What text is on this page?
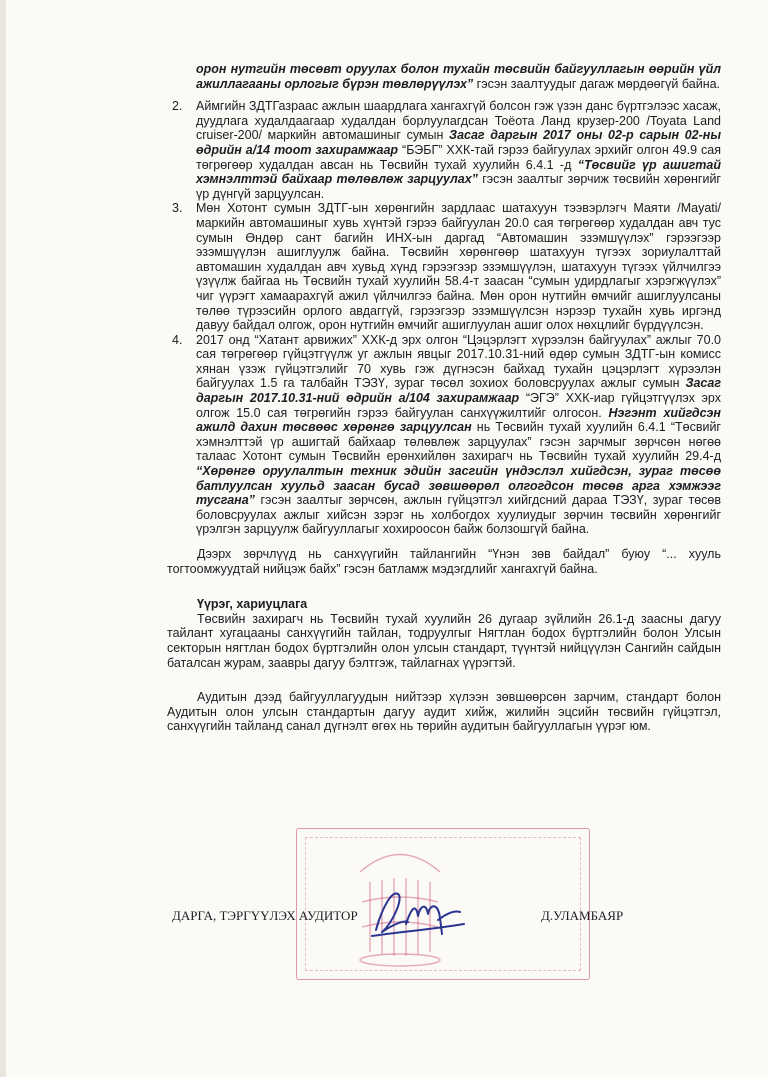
орон нутгийн төсөвт оруулах болон тухайн төсвийн байгууллагын өөрийн үйл ажиллагааны орлогыг бүрэн төвлөрүүлэх” гэсэн заалтуудыг дагаж мөрдөөгүй байна.

2. Аймгийн ЗДТГазраас ажлын шаардлага хангахгүй болсон гэж үзэн данс бүртгэлээс хасаж, дуудлага худалдаагаар худалдан борлуулагдсан Тоёота Ланд крузер-200 /Toyata Land cruiser-200/ маркийн автомашиныг сумын Засаг даргын 2017 оны 02-р сарын 02-ны өдрийн а/14 тоот захирамжаар “БЭБГ” ХХК-тай гэрээ байгуулах эрхийг олгон 49.9 сая төгрөгөөр худалдан авсан нь Төсвийн тухай хуулийн 6.4.1 -д “Төсвийг үр ашигтай хэмнэлттэй байхаар төлөвлөж зарцуулах” гэсэн заалтыг зөрчиж төсвийн хөрөнгийг үр дүнгүй зарцуулсан.
3. Мөн Хотонт сумын ЗДТГ-ын хөрөнгийн зардлаас шатахуун тээвэрлэгч Маяти /Mayati/ маркийн автомашиныг хувь хүнтэй гэрээ байгуулан 20.0 сая төгрөгөөр худалдан авч тус сумын Өндөр сант багийн ИНХ-ын даргад “Автомашин эзэмшүүлэх” гэрээгээр эзэмшүүлэн ашиглуулж байна. Төсвийн хөрөнгөөр шатахуун түгээх зориулалттай автомашин худалдан авч хувьд хүнд гэрээгээр эзэмшүүлэн, шатахуун түгээх үйлчилгээ үзүүлж байгаа нь Төсвийн тухай хуулийн 58.4-т заасан “сумын удирдлагыг хэрэгжүүлэх” чиг үүрэгт хамаарахгүй ажил үйлчилгээ байна. Мөн орон нутгийн өмчийг ашиглуулсаны төлөө түрээсийн орлого авдаггүй, гэрээгээр эзэмшүүлсэн нэрээр тухайн хувь иргэнд давуу байдал олгож, орон нутгийн өмчийг ашиглуулан ашиг олох нөхцлийг бүрдүүлсэн.
4. 2017 онд “Хатант арвижих” ХХК-д эрх олгон “Цэцэрлэгт хүрээлэн байгуулах” ажлыг 70.0 сая төгрөгөөр гүйцэтгүүлж уг ажлын явцыг 2017.10.31-ний өдөр сумын ЗДТГ-ын комисс хянан үзэж гүйцэтгэлийг 70 хувь гэж дүгнэсэн байхад тухайн цэцэрлэгт хүрээлэн байгуулах 1.5 га талбайн ТЭЗҮ, зураг төсөл зохиох боловсруулах ажлыг сумын Засаг даргын 2017.10.31-ний өдрийн а/104 захирамжаар “ЭГЭ” ХХК-иар гүйцэтгүүлэх эрх олгож 15.0 сая төгрөгийн гэрээ байгуулан санхүүжилтийг олгосон. Нэгэнт хийгдсэн ажилд дахин төсвөөс хөрөнгө зарцуулсан нь Төсвийн тухай хуулийн 6.4.1 “Төсвийг хэмнэлттэй үр ашигтай байхаар төлөвлөж зарцуулах” гэсэн зарчмыг зөрчсөн нөгөө талаас Хотонт сумын Төсвийн ерөнхийлөн захирагч нь Төсвийн тухай хуулийн 29.4-д “Хөрөнгө оруулалтын техник эдийн засгийн үндэслэл хийгдсэн, зураг төсөө батлуулсан хуульд заасан бусад зөвшөөрөл олгогдсон төсөв арга хэмжээг тусгана” гэсэн заалтыг зөрчсөн, ажлын гүйцэтгэл хийгдсний дараа ТЭЗҮ, зураг төсөв боловсруулах ажлыг хийсэн зэрэг нь холбогдох хуулиудыг зөрчин төсвийн хөрөнгийг үрэлгэн зарцуулж байгууллагыг хохироосон байж болзошгүй байна.

Дээрх зөрчлүүд нь санхүүгийн тайлангийн “Үнэн зөв байдал” буюу “... хууль тогтоомжуудтай нийцэж байх” гэсэн батламж мэдэгдлийг хангахгүй байна.

Үүрэг, хариуцлага

Төсвийн захирагч нь Төсвийн тухай хуулийн 26 дугаар зүйлийн 26.1-д заасны дагуу тайлант хугацааны санхүүгийн тайлан, тодруулгыг Нягтлан бодох бүртгэлийн болон Улсын секторын нягтлан бодох бүртгэлийн олон улсын стандарт, түүнтэй нийцүүлэн Сангийн сайдын баталсан журам, заавры дагуу бэлтгэж, тайлагнах үүрэгтэй.

Аудитын дээд байгууллагуудын нийтээр хүлээн зөвшөөрсөн зарчим, стандарт болон Аудитын олон улсын стандартын дагуу аудит хийж, жилийн эцсийн төсвийн гүйцэтгэл, санхүүгийн тайланд санал дүгнэлт өгөх нь төрийн аудитын байгууллагын үүрэг юм.

ДАРГА, ТЭРГҮҮЛЭХ АУДИТОР	Д.УЛАМБАЯР
